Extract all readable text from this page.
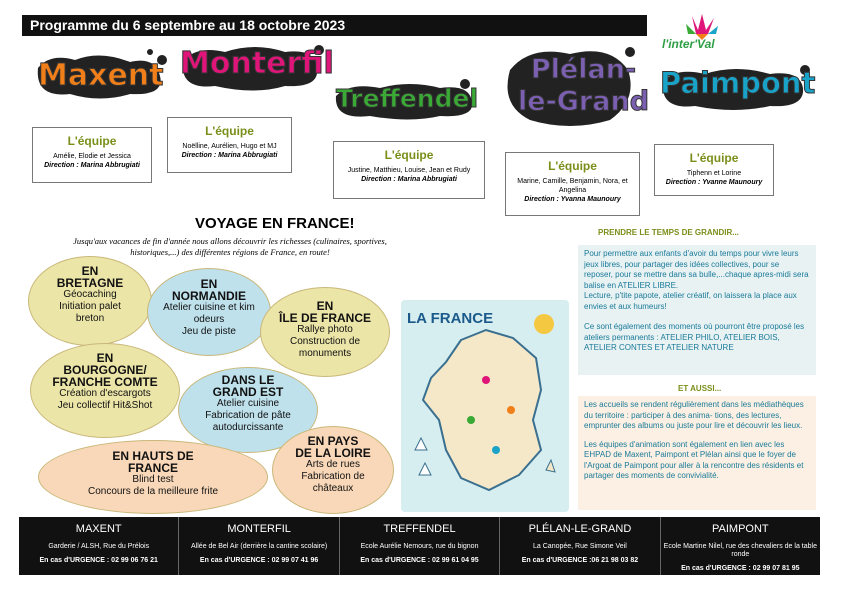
Programme du 6 septembre au 18 octobre 2023
l'inter'Val
Maxent Monterfil
Treffendel
Plélan-
le-Grand
Paimpont
L'équipe
Amélie, Elodie et Jessica
Direction : Marina Abbrugiati
L'équipe
Noëlline, Aurélien, Hugo et MJ
Direction : Marina Abbrugiati	L'équipe
Justine, Matthieu, Louise, Jean et Rudy
Direction : Marina Abbrugiati
L'équipe
Marine, Camille, Benjamin, Nora, et Angelina
Direction : Yvanna Maunoury
L'équipe
Tiphenn et Lorine
Direction : Yvanne Maunoury
VOYAGE EN FRANCE!
Jusqu'aux vacances de fin d'année nous allons découvrir les richesses (culinaires, sportives, historiques,...) des différentes régions de France, en route!
EN
BRETAGNE
Géocaching
Initiation palet
breton
EN
NORMANDIE
Atelier cuisine et kim
odeurs
Jeu de piste
EN
ÎLE DE FRANCE
Rallye photo
Construction de
monuments
EN
BOURGOGNE/ FRANCHE COMTE
Création d'escargots
Jeu collectif Hit&Shot
DANS LE
GRAND EST
Atelier cuisine
Fabrication de pâte
autodurcissante
EN HAUTS DE
FRANCE
Blind test
Concours de la meilleure frite
EN PAYS
DE LA LOIRE
Arts de rues
Fabrication de
châteaux
LA FRANCE
PRENDRE LE TEMPS DE GRANDIR...
Pour permettre aux enfants d'avoir du temps pour vivre leurs jeux libres, pour partager des idées collectives, pour se reposer, pour se mettre dans sa bulle,...chaque apres-midi sera balise en ATELIER LIBRE.
Lecture, p'tite papote, atelier créatif, on laissera la place aux envies et aux humeurs!
Ce sont également des moments où pourront être proposé les ateliers permanents : ATELIER PHILO, ATELIER BOIS, ATELIER CONTES ET ATELIER NATURE
ET AUSSI...
Les accueils se rendent régulièrement dans les médiathèques du territoire : participer à des anima- tions, des lectures, emprunter des albums ou juste pour lire et découvrir les lieux.
Les équipes d'animation sont également en lien avec les EHPAD de Maxent, Paimpont et Plélan ainsi que le foyer de l'Argoat de Paimpont pour aller à la rencontre des résidents et partager des moments de convivialité.
MAXENT
Garderie / ALSH, Rue du Prélois
En cas d'URGENCE : 02 99 06 76 21
MONTERFIL
Allée de Bel Air (derrière la cantine scolaire)
En cas d'URGENCE : 02 99 07 41 96
TREFFENDEL
Ecole Aurélie Nemours, rue du bignon
En cas d'URGENCE : 02 99 61 04 95
PLÉLAN-LE-GRAND
La Canopée, Rue Simone Veil
En cas d'URGENCE :06 21 98 03 82
PAIMPONT
Ecole Martine Nilel, rue des chevaliers de la table ronde
En cas d'URGENCE : 02 99 07 81 95
